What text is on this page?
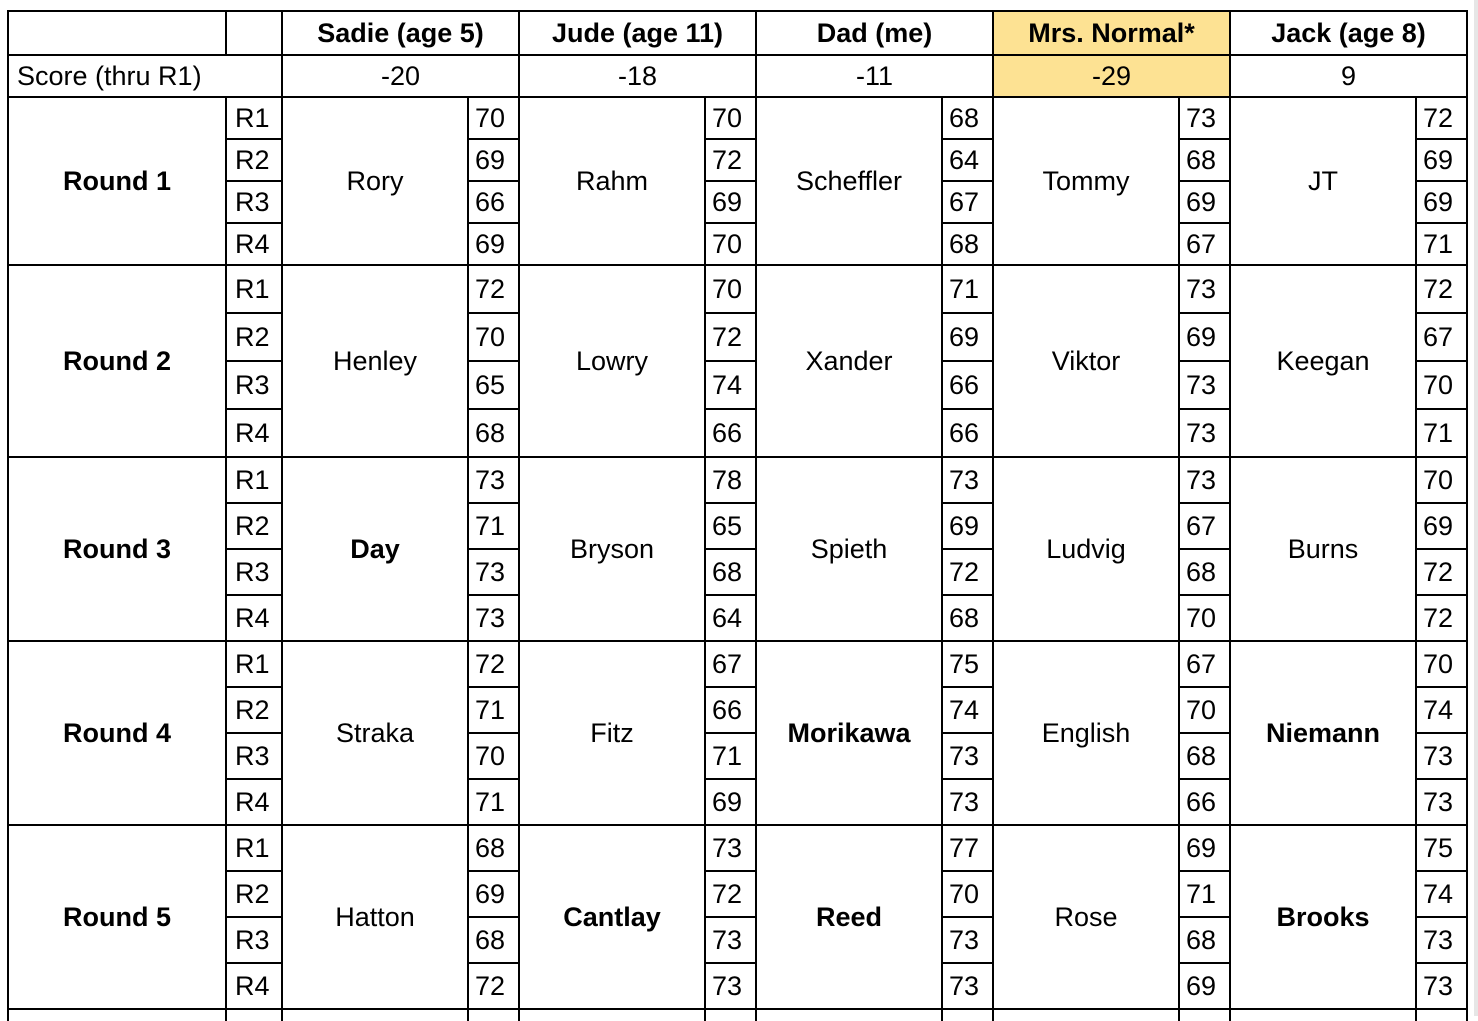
		Sadie (age 5)		Jude (age 11)		Dad (me)		Mrs. Normal*		Jack (age 8)	
Score (thru R1)		-20		-18		-11		-29		9	
Round 1	R1	Rory	70	Rahm	70	Scheffler	68	Tommy	73	JT	72
	R2		69		72		64		68		69
	R3		66		69		67		69		69
	R4		69		70		68		67		71
Round 2	R1	Henley	72	Lowry	70	Xander	71	Viktor	73	Keegan	72
	R2		70		72		69		69		67
	R3		65		74		66		73		70
	R4		68		66		66		73		71
Round 3	R1	Day	73	Bryson	78	Spieth	73	Ludvig	73	Burns	70
	R2		71		65		69		67		69
	R3		73		68		72		68		72
	R4		73		64		68		70		72
Round 4	R1	Straka	72	Fitz	67	Morikawa	75	English	67	Niemann	70
	R2		71		66		74		70		74
	R3		70		71		73		68		73
	R4		71		69		73		66		73
Round 5	R1	Hatton	68	Cantlay	73	Reed	77	Rose	69	Brooks	75
	R2		69		72		70		71		74
	R3		68		73		73		68		73
	R4		72		73		73		69		73
